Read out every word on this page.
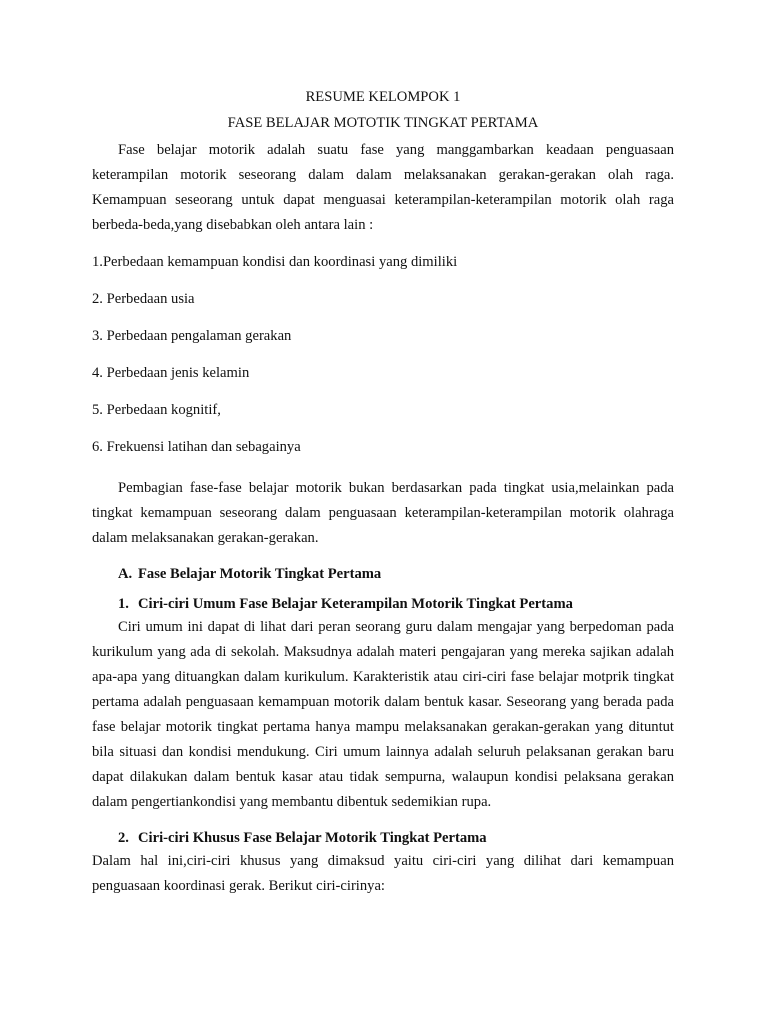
RESUME KELOMPOK 1
FASE BELAJAR MOTOTIK TINGKAT PERTAMA

Fase belajar motorik adalah suatu fase yang manggambarkan keadaan penguasaan keterampilan motorik seseorang dalam dalam melaksanakan gerakan-gerakan olah raga. Kemampuan seseorang untuk dapat menguasai keterampilan-keterampilan motorik olah raga berbeda-beda,yang disebabkan oleh antara lain :

1.Perbedaan kemampuan kondisi dan koordinasi yang dimiliki

2. Perbedaan usia

3. Perbedaan pengalaman gerakan

4. Perbedaan jenis kelamin

5. Perbedaan kognitif,

6. Frekuensi latihan dan sebagainya

Pembagian fase-fase belajar motorik bukan berdasarkan pada tingkat usia,melainkan pada tingkat kemampuan seseorang dalam penguasaan keterampilan-keterampilan motorik olahraga dalam melaksanakan gerakan-gerakan.

A. Fase Belajar Motorik Tingkat Pertama
1. Ciri-ciri Umum Fase Belajar Keterampilan Motorik Tingkat Pertama

Ciri umum ini dapat di lihat dari peran seorang guru dalam mengajar yang berpedoman pada kurikulum yang ada di sekolah. Maksudnya adalah materi pengajaran yang mereka sajikan adalah apa-apa yang dituangkan dalam kurikulum. Karakteristik atau ciri-ciri fase belajar motprik tingkat pertama adalah penguasaan kemampuan motorik dalam bentuk kasar. Seseorang yang berada pada fase belajar motorik tingkat pertama hanya mampu melaksanakan gerakan-gerakan yang dituntut bila situasi dan kondisi mendukung. Ciri umum lainnya adalah seluruh pelaksanan gerakan baru dapat dilakukan dalam bentuk kasar atau tidak sempurna, walaupun kondisi pelaksana gerakan dalam pengertiankondisi yang membantu dibentuk sedemikian rupa.

2. Ciri-ciri Khusus Fase Belajar Motorik Tingkat Pertama

Dalam hal ini,ciri-ciri khusus yang dimaksud yaitu ciri-ciri yang dilihat dari kemampuan penguasaan koordinasi gerak. Berikut ciri-cirinya:
